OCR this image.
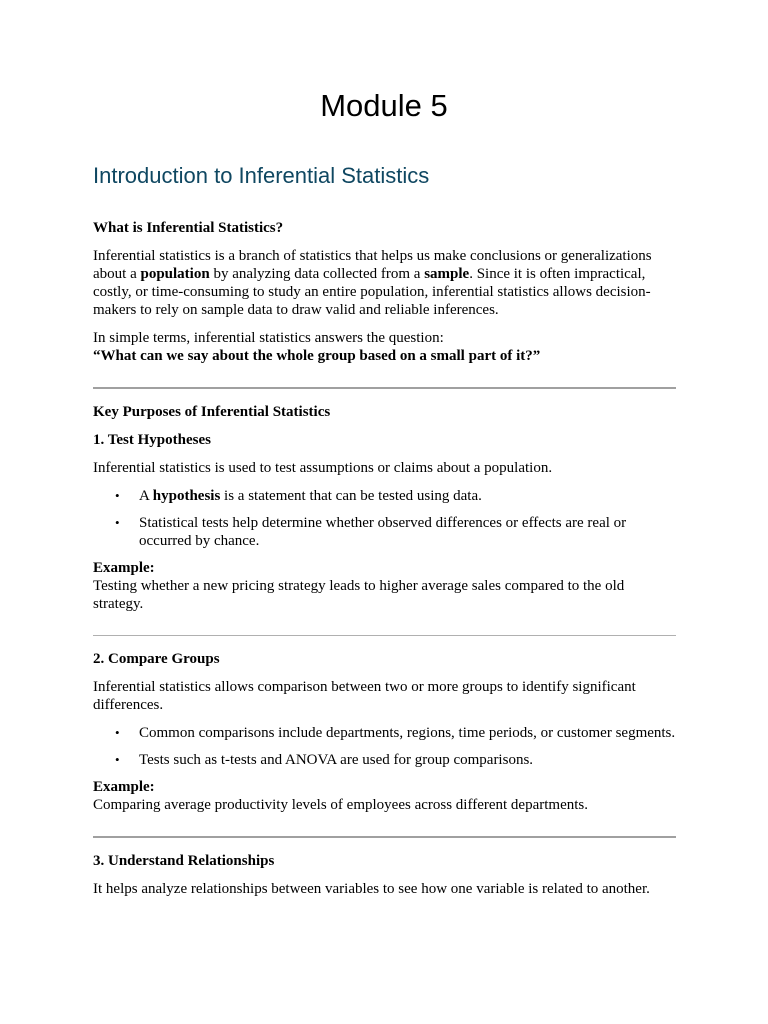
Module 5
Introduction to Inferential Statistics

What is Inferential Statistics?

Inferential statistics is a branch of statistics that helps us make conclusions or generalizations about a population by analyzing data collected from a sample. Since it is often impractical, costly, or time-consuming to study an entire population, inferential statistics allows decision-makers to rely on sample data to draw valid and reliable inferences.

In simple terms, inferential statistics answers the question:

“What can we say about the whole group based on a small part of it?”

Key Purposes of Inferential Statistics

1. Test Hypotheses

Inferential statistics is used to test assumptions or claims about a population.

• A hypothesis is a statement that can be tested using data.
• Statistical tests help determine whether observed differences or effects are real or occurred by chance.

Example:

Testing whether a new pricing strategy leads to higher average sales compared to the old strategy.

2. Compare Groups

Inferential statistics allows comparison between two or more groups to identify significant differences.

• Common comparisons include departments, regions, time periods, or customer segments.
• Tests such as t-tests and ANOVA are used for group comparisons.

Example:

Comparing average productivity levels of employees across different departments.

3. Understand Relationships

It helps analyze relationships between variables to see how one variable is related to another.
